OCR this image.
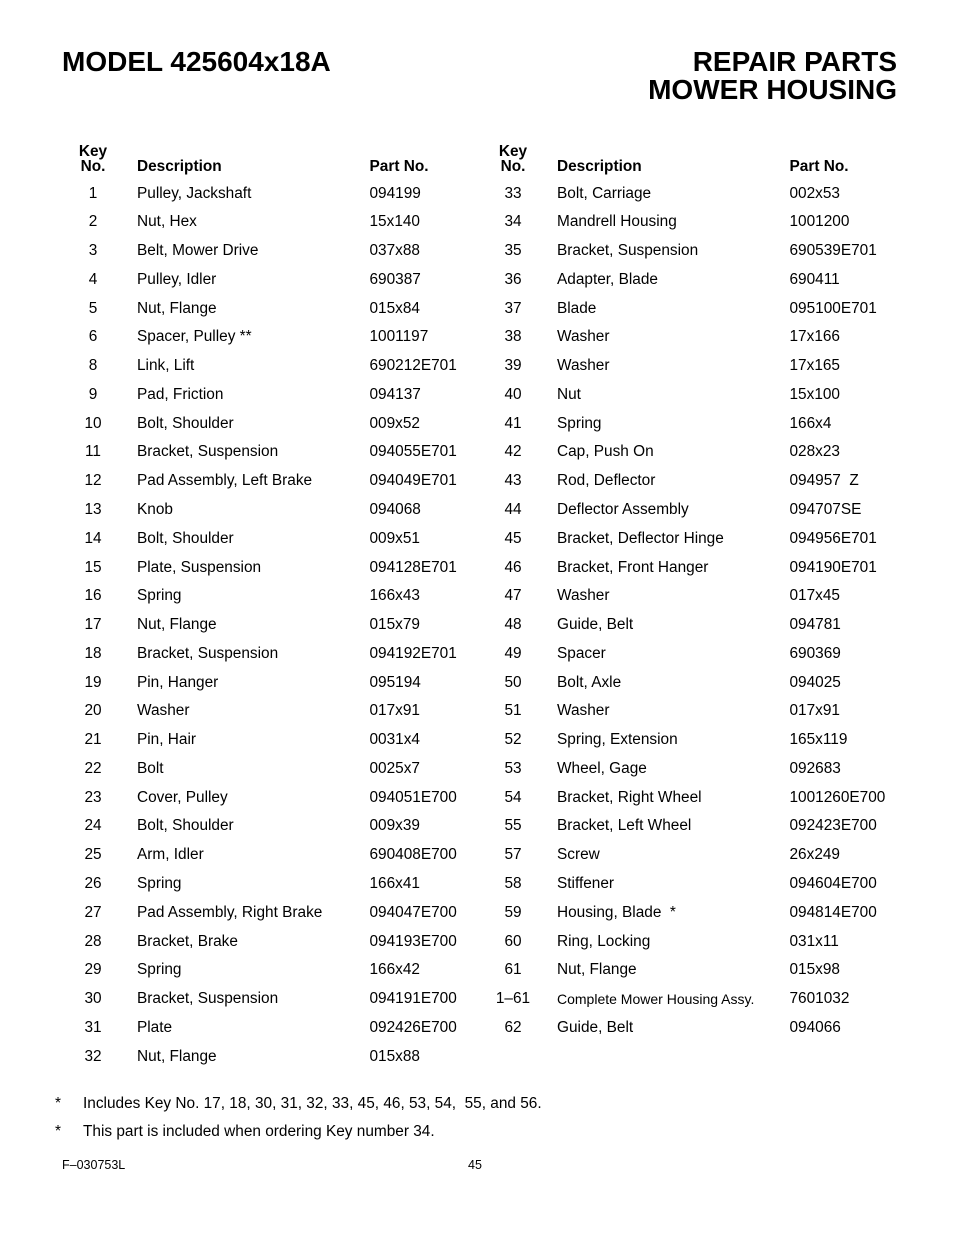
MODEL 425604x18A	REPAIR PARTS
MOWER HOUSING
Key
No.	Description	Part No.
1	Pulley, Jackshaft	094199
2	Nut, Hex	15x140
3	Belt, Mower Drive	037x88
4	Pulley, Idler	690387
5	Nut, Flange	015x84
6	Spacer, Pulley **	1001197
8	Link, Lift	690212E701
9	Pad, Friction	094137
10	Bolt, Shoulder	009x52
11	Bracket, Suspension	094055E701
12	Pad Assembly, Left Brake	094049E701
13	Knob	094068
14	Bolt, Shoulder	009x51
15	Plate, Suspension	094128E701
16	Spring	166x43
17	Nut, Flange	015x79
18	Bracket, Suspension	094192E701
19	Pin, Hanger	095194
20	Washer	017x91
21	Pin, Hair	0031x4
22	Bolt	0025x7
23	Cover, Pulley	094051E700
24	Bolt, Shoulder	009x39
25	Arm, Idler	690408E700
26	Spring	166x41
27	Pad Assembly, Right Brake	094047E700
28	Bracket, Brake	094193E700
29	Spring	166x42
30	Bracket, Suspension	094191E700
31	Plate	092426E700
32	Nut, Flange	015x88
Key
No.	Description	Part No.
33	Bolt, Carriage	002x53
34	Mandrell Housing	1001200
35	Bracket, Suspension	690539E701
36	Adapter, Blade	690411
37	Blade	095100E701
38	Washer	17x166
39	Washer	17x165
40	Nut	15x100
41	Spring	166x4
42	Cap, Push On	028x23
43	Rod, Deflector	094957  Z
44	Deflector Assembly	094707SE
45	Bracket, Deflector Hinge	094956E701
46	Bracket, Front Hanger	094190E701
47	Washer	017x45
48	Guide, Belt	094781
49	Spacer	690369
50	Bolt, Axle	094025
51	Washer	017x91
52	Spring, Extension	165x119
53	Wheel, Gage	092683
54	Bracket, Right Wheel	1001260E700
55	Bracket, Left Wheel	092423E700
57	Screw	26x249
58	Stiffener	094604E700
59	Housing, Blade  *	094814E700
60	Ring, Locking	031x11
61	Nut, Flange	015x98
1–61	Complete Mower Housing Assy. 7601032
62	Guide, Belt	094066
* Includes Key No. 17, 18, 30, 31, 32, 33, 45, 46, 53, 54,  55, and 56.
* This part is included when ordering Key number 34.
F–030753L	45
